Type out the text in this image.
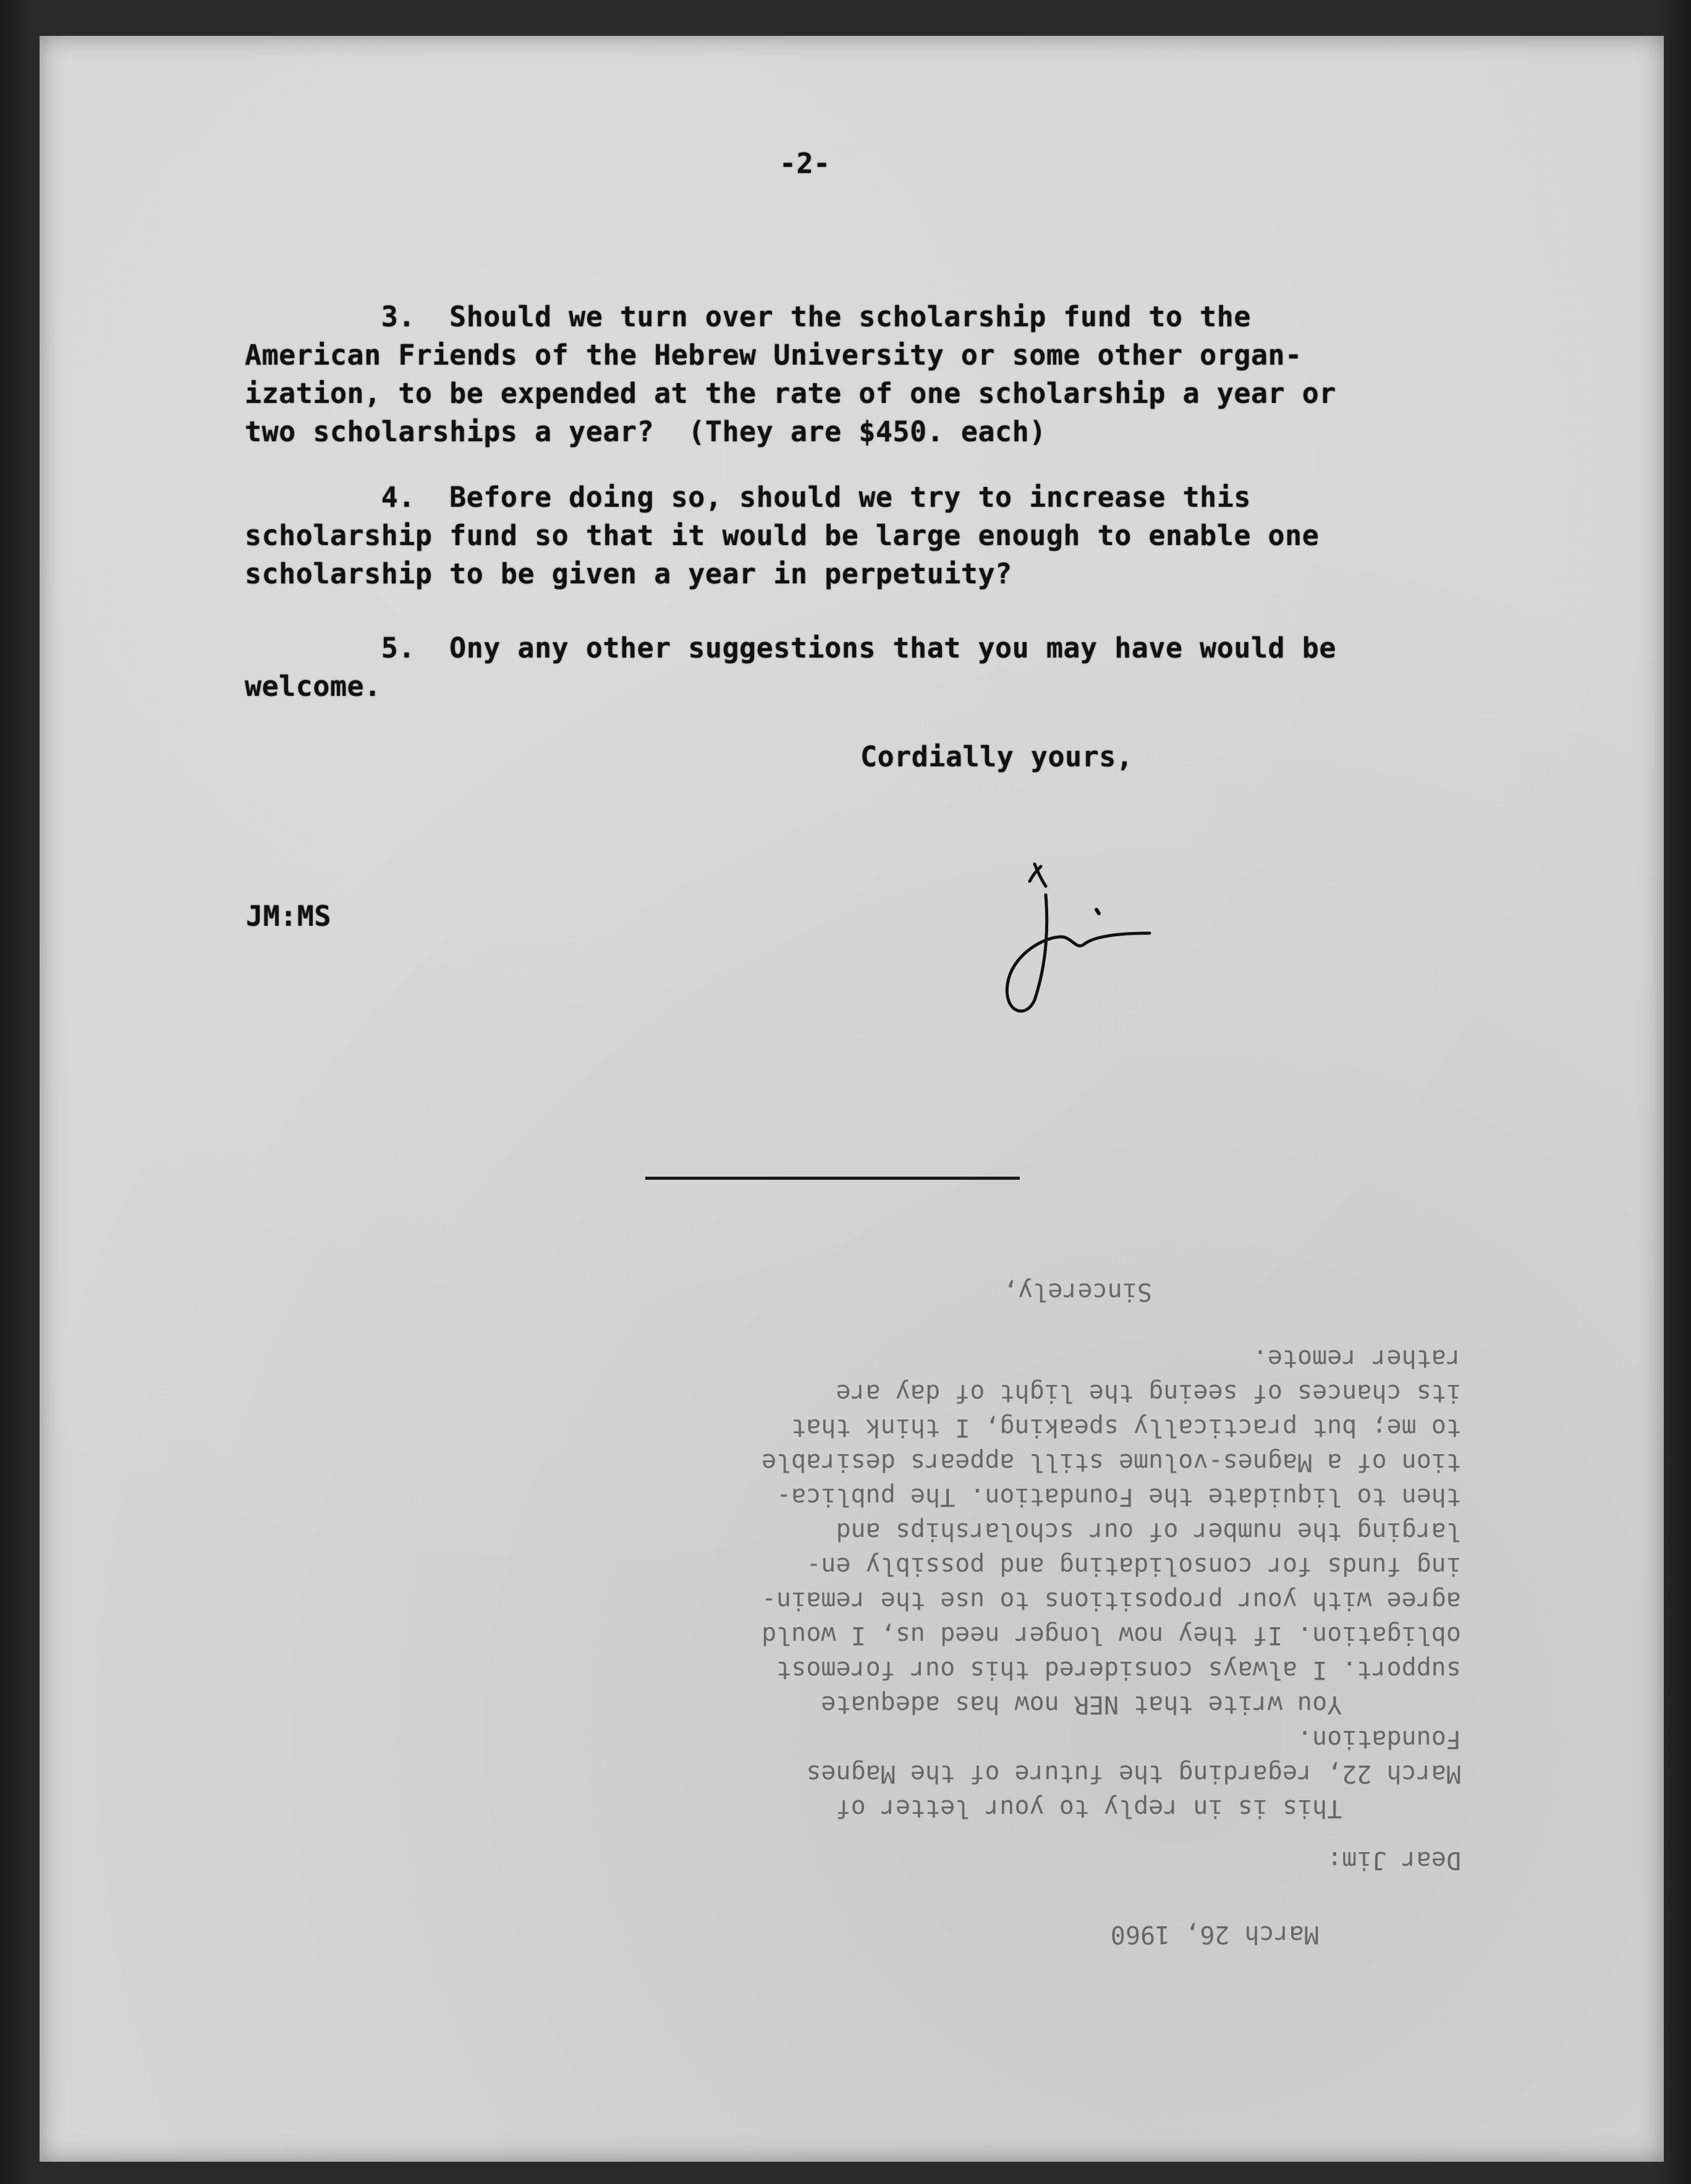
-2-
3.  Should we turn over the scholarship fund to the
American Friends of the Hebrew University or some other organ-
ization, to be expended at the rate of one scholarship a year or
two scholarships a year?  (They are $450. each)
4.  Before doing so, should we try to increase this
scholarship fund so that it would be large enough to enable one
scholarship to be given a year in perpetuity?
5.  Ony any other suggestions that you may have would be
welcome.
Cordially yours,
JM:MS
March 26, 1960
Dear Jim:
This is in reply to your letter of
March 22, regarding the future of the Magnes
Foundation.
You write that NER now has adequate
support. I always considered this our foremost
obligation. If they now longer need us, I would
agree with your propositions to use the remain-
ing funds for consolidating and possibly en-
larging the number of our scholarships and
then to liquidate the Foundation. The publica-
tion of a Magnes-volume still appears desirable
to me; but practically speaking, I think that
its chances of seeing the light of day are
rather remote.
Sincerely,
